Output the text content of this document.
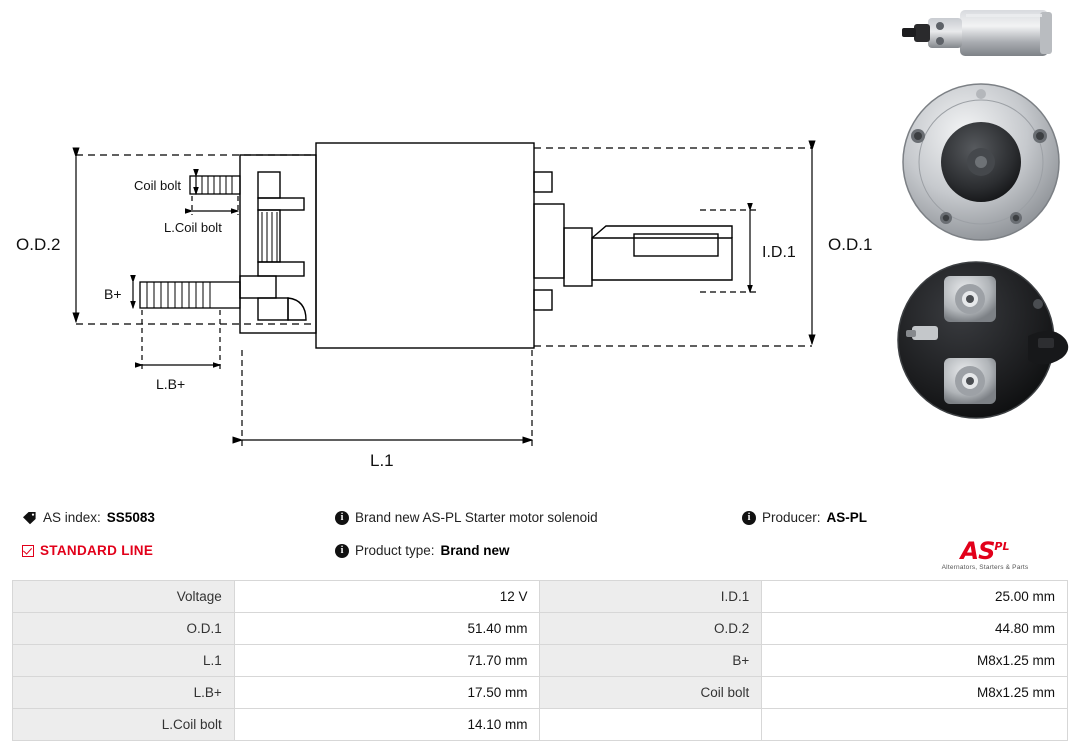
O.D.2	O.D.1
I.D.1
L.1
L.B+
B+
Coil bolt
L.Coil bolt
AS index: SS5083
STANDARD LINE
i Brand new AS-PL Starter motor solenoid
i Product type: Brand new
i Producer: AS-PL
$AS^{PL}$
Alternators, Starters & Parts
Voltage	12 V	I.D.1	25.00 mm
O.D.1	51.40 mm	O.D.2	44.80 mm
L.1	71.70 mm	B+	M8x1.25 mm
L.B+	17.50 mm	Coil bolt	M8x1.25 mm
L.Coil bolt	14.10 mm		
